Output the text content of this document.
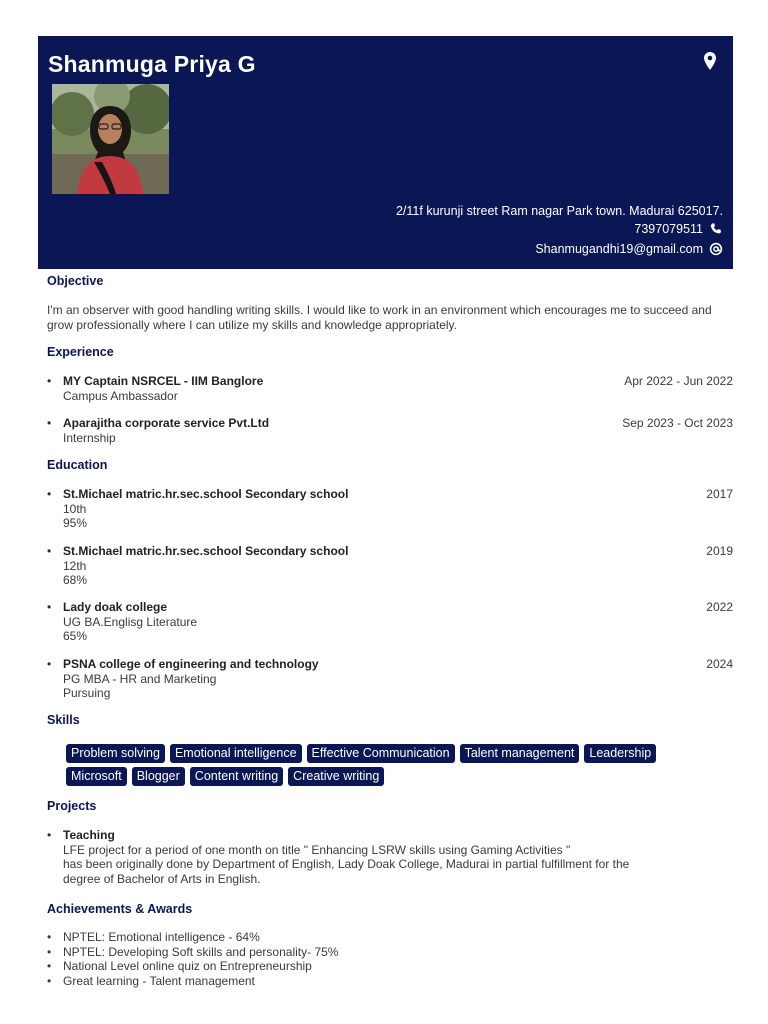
Shanmuga Priya G
2/11f kurunji street Ram nagar Park town. Madurai 625017.
7397079511
Shanmugandhi19@gmail.com
Objective
I'm an observer with good handling writing skills. I would like to work in an environment which encourages me to succeed and grow professionally where I can utilize my skills and knowledge appropriately.
Experience
• MY Captain NSRCEL - IIM Banglore
Campus Ambassador
Apr 2022 - Jun 2022
• Aparajitha corporate service Pvt.Ltd
Internship
Sep 2023 - Oct 2023
Education
• St.Michael matric.hr.sec.school Secondary school
10th
95%
2017
• St.Michael matric.hr.sec.school Secondary school
12th
68%
2019
• Lady doak college
UG BA.Englisg Literature
65%
2022
• PSNA college of engineering and technology
PG MBA - HR and Marketing
Pursuing
2024
Skills
Problem solving	Emotional intelligence	Effective Communication	Talent management	Leadership
Microsoft	Blogger	Content writing	Creative writing
Projects
• Teaching
LFE project for a period of one month on title " Enhancing LSRW skills using Gaming Activities "
has been originally done by Department of English, Lady Doak College, Madurai in partial fulfillment for the
degree of Bachelor of Arts in English.
Achievements & Awards
• NPTEL: Emotional intelligence - 64%
• NPTEL: Developing Soft skills and personality- 75%
• National Level online quiz on Entrepreneurship
• Great learning - Talent management
